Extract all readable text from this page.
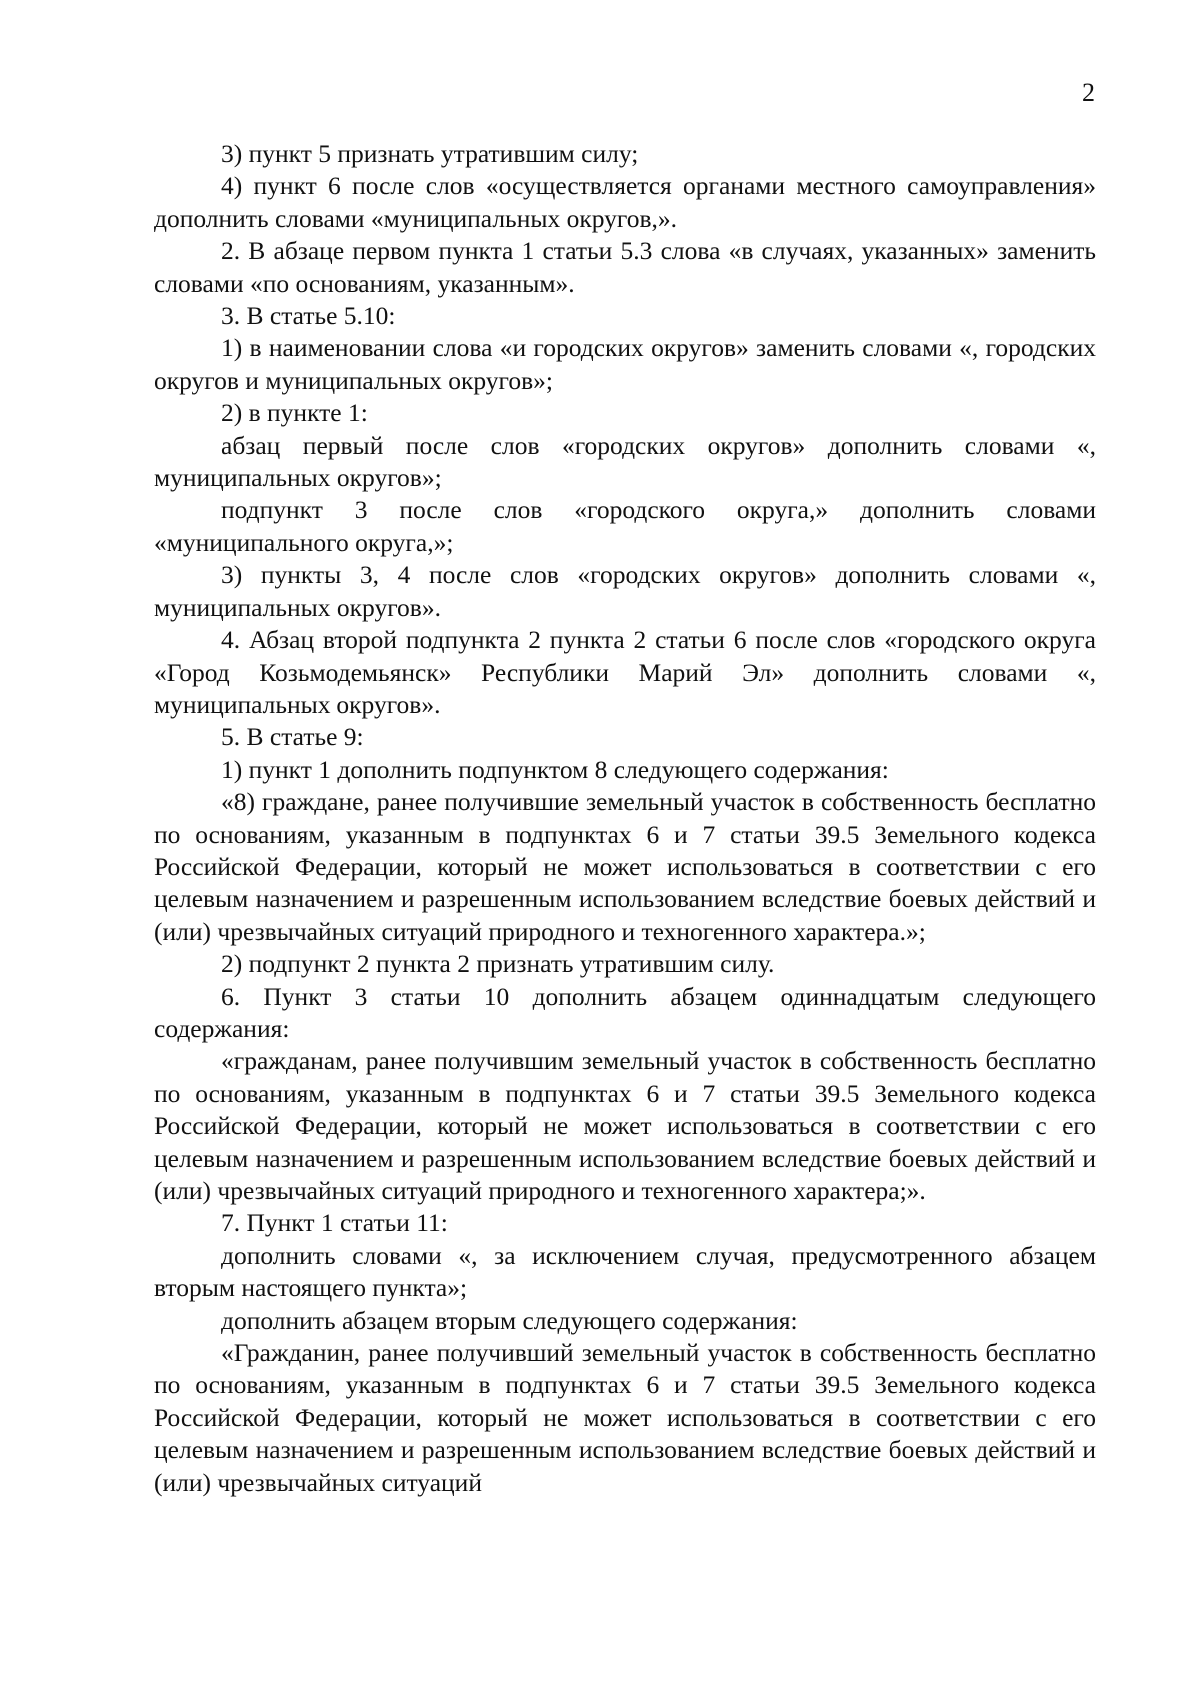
2

3) пункт 5 признать утратившим силу;

4) пункт 6 после слов «осуществляется органами местного самоуправления» дополнить словами «муниципальных округов,».

2. В абзаце первом пункта 1 статьи 5.3 слова «в случаях, указанных» заменить словами «по основаниям, указанным».

3. В статье 5.10:

1) в наименовании слова «и городских округов» заменить словами «, городских округов и муниципальных округов»;

2) в пункте 1:

абзац первый после слов «городских округов» дополнить словами «, муниципальных округов»;

подпункт 3 после слов «городского округа,» дополнить словами «муниципального округа,»;

3) пункты 3, 4 после слов «городских округов» дополнить словами «, муниципальных округов».

4. Абзац второй подпункта 2 пункта 2 статьи 6 после слов «городского округа «Город Козьмодемьянск» Республики Марий Эл» дополнить словами «, муниципальных округов».

5. В статье 9:

1) пункт 1 дополнить подпунктом 8 следующего содержания:

«8) граждане, ранее получившие земельный участок в собственность бесплатно по основаниям, указанным в подпунктах 6 и 7 статьи 39.5 Земельного кодекса Российской Федерации, который не может использоваться в соответствии с его целевым назначением и разрешенным использованием вследствие боевых действий и (или) чрезвычайных ситуаций природного и техногенного характера.»;

2) подпункт 2 пункта 2 признать утратившим силу.

6. Пункт 3 статьи 10 дополнить абзацем одиннадцатым следующего содержания:

«гражданам, ранее получившим земельный участок в собственность бесплатно по основаниям, указанным в подпунктах 6 и 7 статьи 39.5 Земельного кодекса Российской Федерации, который не может использоваться в соответствии с его целевым назначением и разрешенным использованием вследствие боевых действий и (или) чрезвычайных ситуаций природного и техногенного характера;».

7. Пункт 1 статьи 11:

дополнить словами «, за исключением случая, предусмотренного абзацем вторым настоящего пункта»;

дополнить абзацем вторым следующего содержания:

«Гражданин, ранее получивший земельный участок в собственность бесплатно по основаниям, указанным в подпунктах 6 и 7 статьи 39.5 Земельного кодекса Российской Федерации, который не может использоваться в соответствии с его целевым назначением и разрешенным использованием вследствие боевых действий и (или) чрезвычайных ситуаций
